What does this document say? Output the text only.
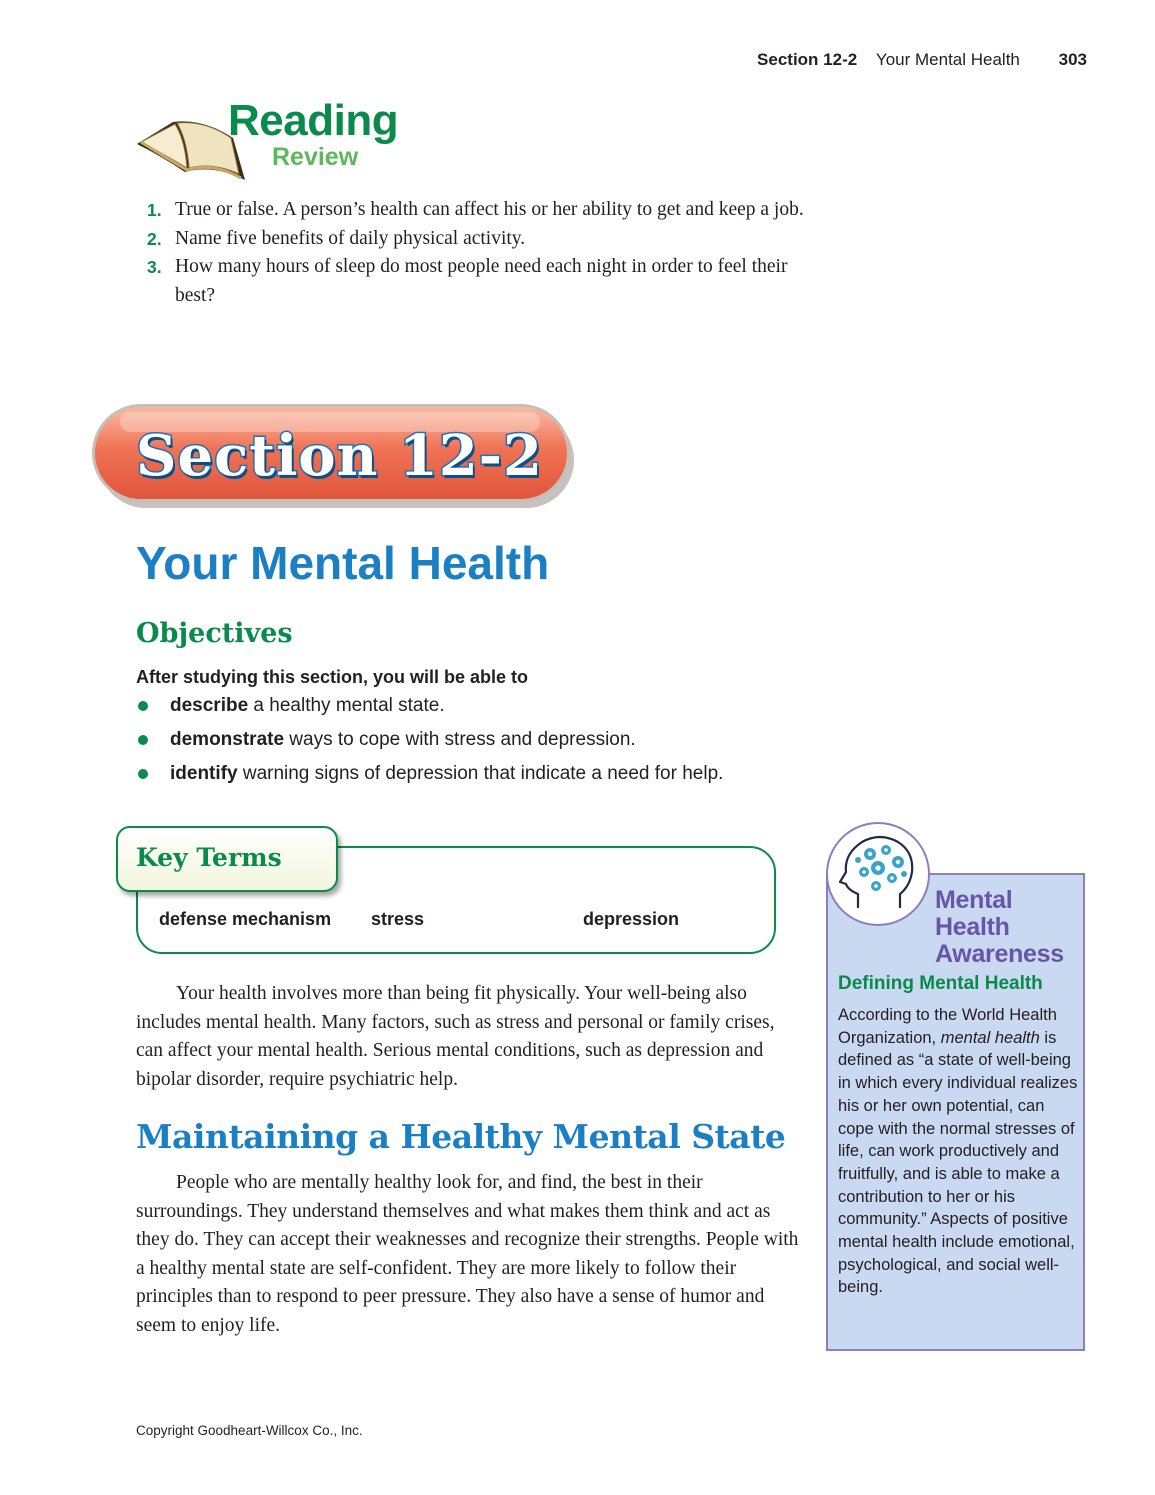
Section 12-2 Your Mental Health 303
Reading
Review
1. True or false. A person’s health can affect his or her ability to get and keep a job.
2. Name five benefits of daily physical activity.
3. How many hours of sleep do most people need each night in order to feel their best?
Section 12-2
Your Mental Health
Objectives
After studying this section, you will be able to
describe a healthy mental state.
demonstrate ways to cope with stress and depression.
identify warning signs of depression that indicate a need for help.
Key Terms
defense mechanism stress	depression

Your health involves more than being fit physically. Your well-being also includes mental health. Many factors, such as stress and personal or family crises, can affect your mental health. Serious mental conditions, such as depression and bipolar disorder, require psychiatric help.

Maintaining a Healthy Mental State

People who are mentally healthy look for, and find, the best in their surroundings. They understand themselves and what makes them think and act as they do. They can accept their weaknesses and recognize their strengths. People with a healthy mental state are self-confident. They are more likely to follow their principles than to respond to peer pressure. They also have a sense of humor and seem to enjoy life.

Mental
Health
Awareness
Defining Mental Health

According to the World Health Organization, mental health is defined as “a state of well-being in which every individual realizes his or her own potential, can cope with the normal stresses of life, can work productively and fruitfully, and is able to make a contribution to her or his community.” Aspects of positive mental health include emotional, psychological, and social well-being.

Copyright Goodheart-Willcox Co., Inc.
